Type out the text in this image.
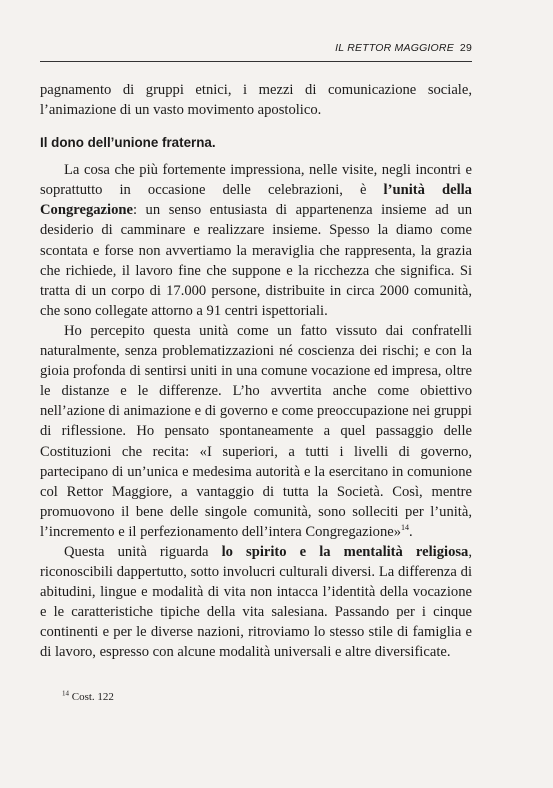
IL RETTOR MAGGIORE 29

pagnamento di gruppi etnici, i mezzi di comunicazione sociale, l’animazione di un vasto movimento apostolico.

Il dono dell’unione fraterna.

La cosa che più fortemente impressiona, nelle visite, negli incontri e soprattutto in occasione delle celebrazioni, è l’unità della Congregazione: un senso entusiasta di appartenenza insieme ad un desiderio di camminare e realizzare insieme. Spesso la diamo come scontata e forse non avvertiamo la meraviglia che rappresenta, la grazia che richiede, il lavoro fine che suppone e la ricchezza che significa. Si tratta di un corpo di 17.000 persone, distribuite in circa 2000 comunità, che sono collegate attorno a 91 centri ispettoriali.

Ho percepito questa unità come un fatto vissuto dai confratelli naturalmente, senza problematizzazioni né coscienza dei rischi; e con la gioia profonda di sentirsi uniti in una comune vocazione ed impresa, oltre le distanze e le differenze. L’ho avvertita anche come obiettivo nell’azione di animazione e di governo e come preoccupazione nei gruppi di riflessione. Ho pensato spontaneamente a quel passaggio delle Costituzioni che recita: «I superiori, a tutti i livelli di governo, partecipano di un’unica e medesima autorità e la esercitano in comunione col Rettor Maggiore, a vantaggio di tutta la Società. Così, mentre promuovono il bene delle singole comunità, sono solleciti per l’unità, l’incremento e il perfezionamento dell’intera Congregazione»$^{14}$.

Questa unità riguarda lo spirito e la mentalità religiosa, riconoscibili dappertutto, sotto involucri culturali diversi. La differenza di abitudini, lingue e modalità di vita non intacca l’identità della vocazione e le caratteristiche tipiche della vita salesiana. Passando per i cinque continenti e per le diverse nazioni, ritroviamo lo stesso stile di famiglia e di lavoro, espresso con alcune modalità universali e altre diversificate.

$^{14}$ Cost. 122
